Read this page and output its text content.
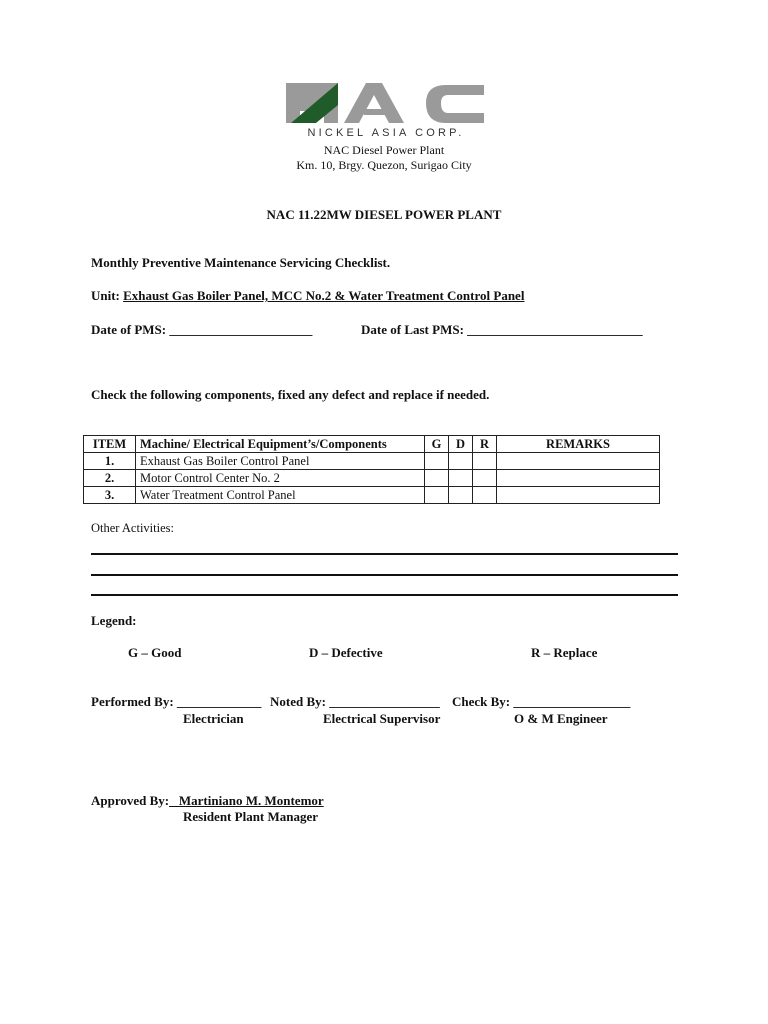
NICKEL ASIA CORP.
NAC Diesel Power Plant
Km. 10, Brgy. Quezon, Surigao City
NAC 11.22MW DIESEL POWER PLANT
Monthly Preventive Maintenance Servicing Checklist.
Unit: Exhaust Gas Boiler Panel, MCC No.2 & Water Treatment Control Panel
Date of PMS: ______________________	Date of Last PMS: ___________________________
Check the following components, fixed any defect and replace if needed.
ITEM	Machine/ Electrical Equipment’s/Components	G	D	R	REMARKS
1.	Exhaust Gas Boiler Control Panel				
2.	Motor Control Center No. 2				
3.	Water Treatment Control Panel				
Other Activities:
Legend:
G – Good	D – Defective	R – Replace
Performed By: _____________ Noted By: _________________ Check By: __________________
Electrician	Electrical Supervisor	O & M Engineer
Approved By:_ Martiniano M. Montemor
Resident Plant Manager
